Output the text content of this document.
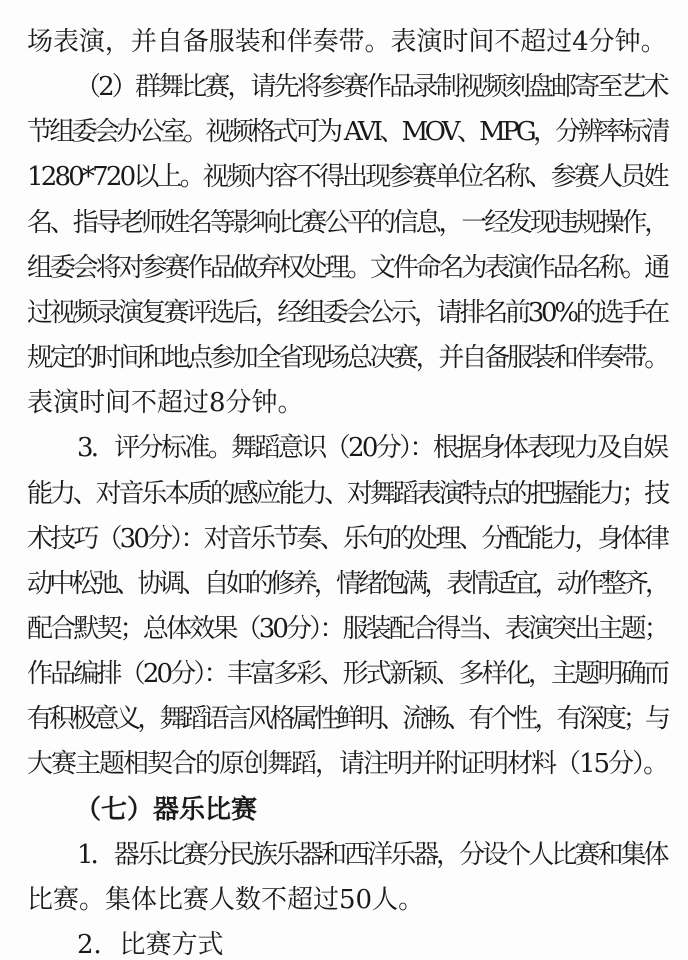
场表演，并自备服装和伴奏带。表演时间不超过4分钟。
（2）群舞比赛，请先将参赛作品录制视频刻盘邮寄至艺术
节组委会办公室。视频格式可为 AVI、MOV、MPG，分辨率标清
1280*720以上。视频内容不得出现参赛单位名称、参赛人员姓
名、指导老师姓名等影响比赛公平的信息，一经发现违规操作，
组委会将对参赛作品做弃权处理。文件命名为表演作品名称。通
过视频录演复赛评选后，经组委会公示，请排名前30%的选手在
规定的时间和地点参加全省现场总决赛，并自备服装和伴奏带。
表演时间不超过8分钟。
3．评分标准。舞蹈意识（20分）：根据身体表现力及自娱
能力、对音乐本质的感应能力、对舞蹈表演特点的把握能力；技
术技巧（30分）：对音乐节奏、乐句的处理、分配能力，身体律
动中松弛、协调、自如的修养，情绪饱满，表情适宜，动作整齐，
配合默契；总体效果（30分）：服装配合得当、表演突出主题；
作品编排（20分）：丰富多彩、形式新颖、多样化，主题明确而
有积极意义，舞蹈语言风格属性鲜明、流畅、有个性，有深度；与
大赛主题相契合的原创舞蹈，请注明并附证明材料（15分）。
（七）器乐比赛
1．器乐比赛分民族乐器和西洋乐器，分设个人比赛和集体
比赛。集体比赛人数不超过50人。
2．比赛方式
